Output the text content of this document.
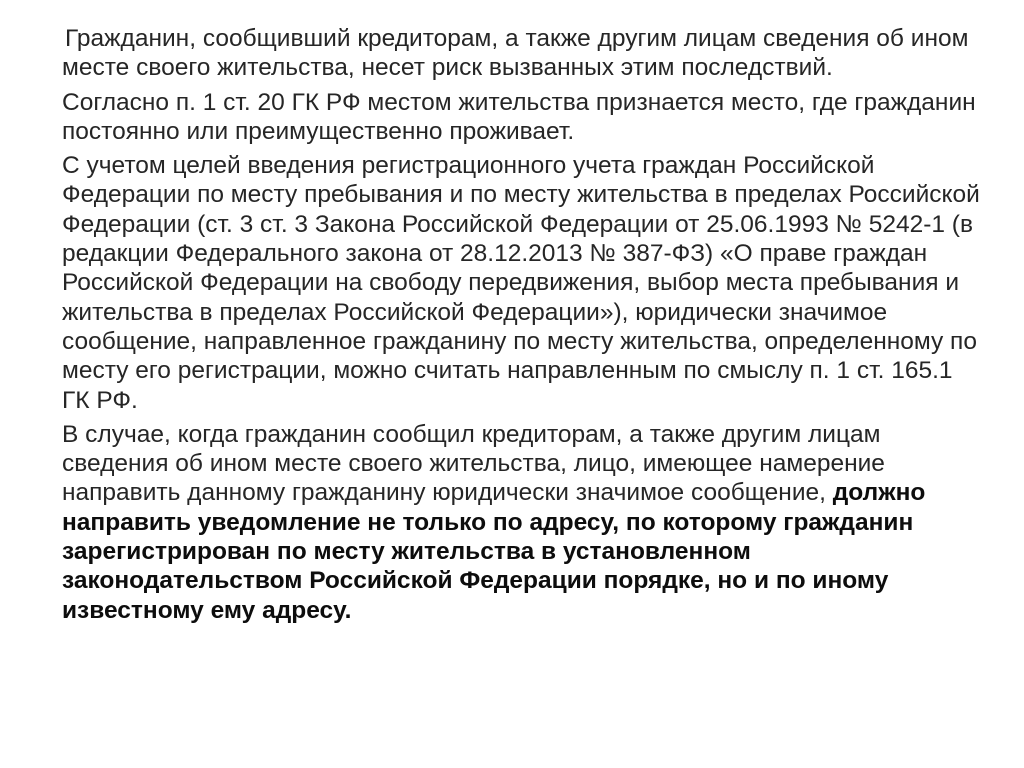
Гражданин, сообщивший кредиторам, а также другим лицам сведения об ином месте своего жительства, несет риск вызванных этим последствий.

Согласно п. 1 ст. 20 ГК РФ местом жительства признается место, где гражданин постоянно или преимущественно проживает.

С учетом целей введения регистрационного учета граждан Российской Федерации по месту пребывания и по месту жительства в пределах Российской Федерации (ст. 3 ст. 3 Закона Российской Федерации от 25.06.1993 № 5242-1 (в редакции Федерального закона от 28.12.2013 № 387-ФЗ) «О праве граждан Российской Федерации на свободу передвижения, выбор места пребывания и жительства в пределах Российской Федерации»), юридически значимое сообщение, направленное гражданину по месту жительства, определенному по месту его регистрации, можно считать направленным по смыслу п. 1 ст. 165.1 ГК РФ.

В случае, когда гражданин сообщил кредиторам, а также другим лицам сведения об ином месте своего жительства, лицо, имеющее намерение направить данному гражданину юридически значимое сообщение, должно направить уведомление не только по адресу, по которому гражданин зарегистрирован по месту жительства в установленном законодательством Российской Федерации порядке, но и по иному известному ему адресу.
